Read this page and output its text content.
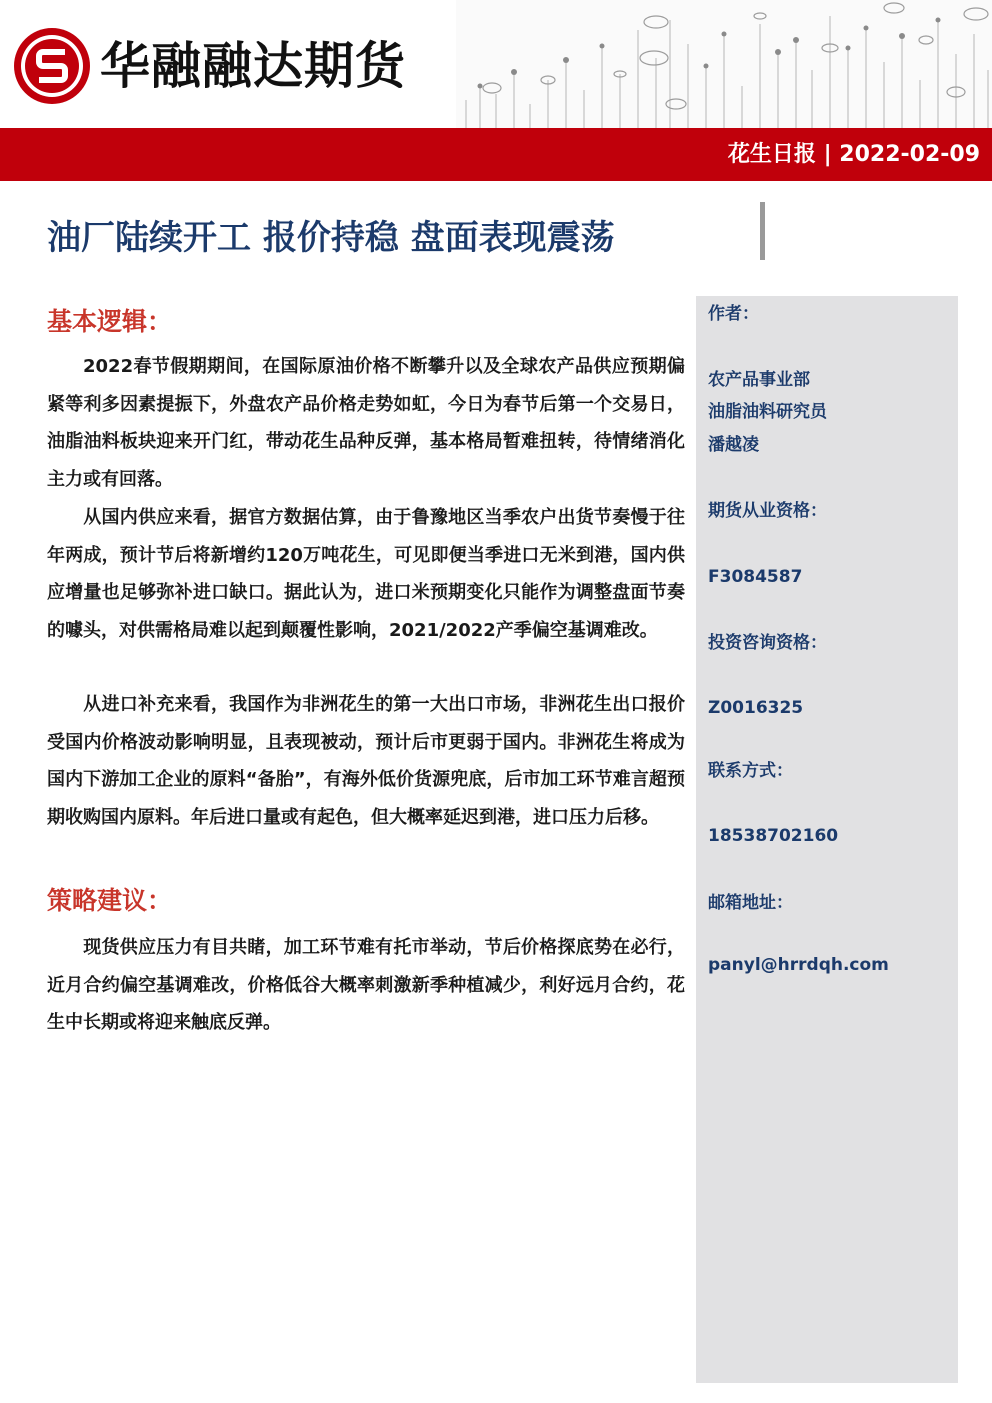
华融融达期货
花生日报 | 2022-02-09
油厂陆续开工 报价持稳 盘面表现震荡
作者：
农产品事业部
油脂油料研究员
潘越凌
期货从业资格：
F3084587
投资咨询资格：
Z0016325
联系方式：
18538702160
邮箱地址：
panyl@hrrdqh.com
基本逻辑：
2022春节假期期间，在国际原油价格不断攀升以及全球农产品供应预期偏紧等利多因素提振下，外盘农产品价格走势如虹，今日为春节后第一个交易日，油脂油料板块迎来开门红，带动花生品种反弹，基本格局暂难扭转，待情绪消化主力或有回落。
从国内供应来看，据官方数据估算，由于鲁豫地区当季农户出货节奏慢于往年两成，预计节后将新增约120万吨花生，可见即便当季进口无米到港，国内供应增量也足够弥补进口缺口。据此认为，进口米预期变化只能作为调整盘面节奏的噱头，对供需格局难以起到颠覆性影响，2021/2022产季偏空基调难改。
从进口补充来看，我国作为非洲花生的第一大出口市场，非洲花生出口报价受国内价格波动影响明显，且表现被动，预计后市更弱于国内。非洲花生将成为国内下游加工企业的原料“备胎”，有海外低价货源兜底，后市加工环节难言超预期收购国内原料。年后进口量或有起色，但大概率延迟到港，进口压力后移。
策略建议：
现货供应压力有目共睹，加工环节难有托市举动，节后价格探底势在必行，近月合约偏空基调难改，价格低谷大概率刺激新季种植减少，利好远月合约，花生中长期或将迎来触底反弹。
